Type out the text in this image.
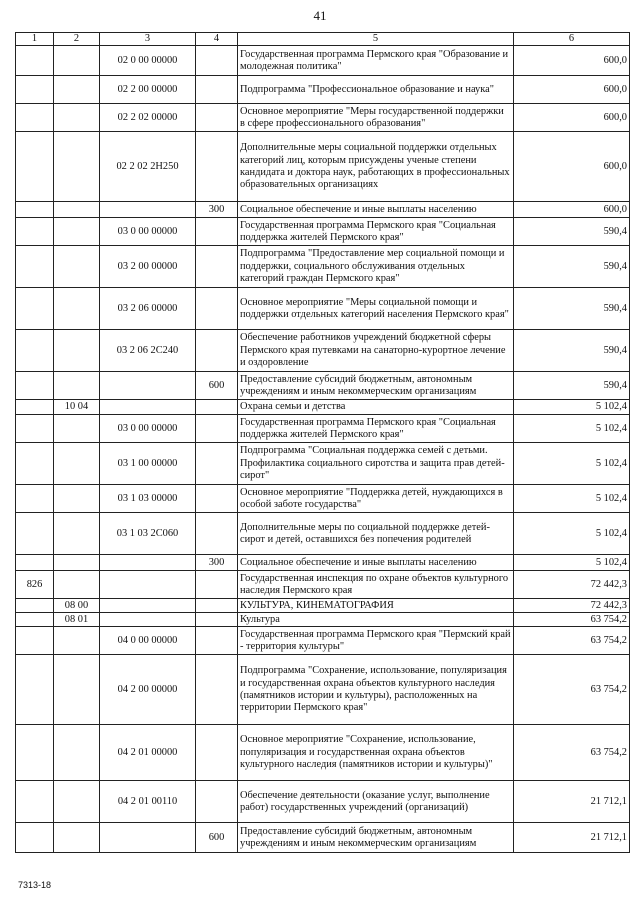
41
1	2	3	4	5	6
		02 0 00 00000		Государственная программа Пермского края "Образование и молодежная политика"	600,0
		02 2 00 00000		Подпрограмма "Профессиональное образование и наука"	600,0
		02 2 02 00000		Основное мероприятие "Меры государственной поддержки в сфере профессионального образования"	600,0
		02 2 02 2Н250		Дополнительные меры социальной поддержки отдельных категорий лиц, которым присуждены ученые степени кандидата и доктора наук, работающих в профессиональных образовательных организациях	600,0
			300	Социальное обеспечение и иные выплаты населению	600,0
		03 0 00 00000		Государственная программа Пермского края "Социальная поддержка жителей Пермского края"	590,4
		03 2 00 00000		Подпрограмма "Предоставление мер социальной помощи и поддержки, социального обслуживания отдельных категорий граждан Пермского края"	590,4
		03 2 06 00000		Основное мероприятие "Меры социальной помощи и поддержки отдельных категорий населения Пермского края"	590,4
		03 2 06 2С240		Обеспечение работников учреждений бюджетной сферы Пермского края путевками на санаторно-курортное лечение и оздоровление	590,4
			600	Предоставление субсидий бюджетным, автономным учреждениям и иным некоммерческим организациям	590,4
	10 04			Охрана семьи и детства	5 102,4
		03 0 00 00000		Государственная программа Пермского края "Социальная поддержка жителей Пермского края"	5 102,4
		03 1 00 00000		Подпрограмма "Социальная поддержка семей с детьми. Профилактика социального сиротства и защита прав детей-сирот"	5 102,4
		03 1 03 00000		Основное мероприятие "Поддержка детей, нуждающихся в особой заботе государства"	5 102,4
		03 1 03 2С060		Дополнительные меры по социальной поддержке детей-сирот и детей, оставшихся без попечения родителей	5 102,4
			300	Социальное обеспечение и иные выплаты населению	5 102,4
826				Государственная инспекция по охране объектов культурного наследия Пермского края	72 442,3
	08 00			КУЛЬТУРА, КИНЕМАТОГРАФИЯ	72 442,3
	08 01			Культура	63 754,2
		04 0 00 00000		Государственная программа Пермского края "Пермский край - территория культуры"	63 754,2
		04 2 00 00000		Подпрограмма "Сохранение, использование, популяризация и государственная охрана объектов культурного наследия (памятников истории и культуры), расположенных на территории Пермского края"	63 754,2
		04 2 01 00000		Основное мероприятие "Сохранение, использование, популяризация и государственная охрана объектов культурного наследия (памятников истории и культуры)"	63 754,2
		04 2 01 00110		Обеспечение деятельности (оказание услуг, выполнение работ) государственных учреждений (организаций)	21 712,1
			600	Предоставление субсидий бюджетным, автономным учреждениям и иным некоммерческим организациям	21 712,1
7313-18
